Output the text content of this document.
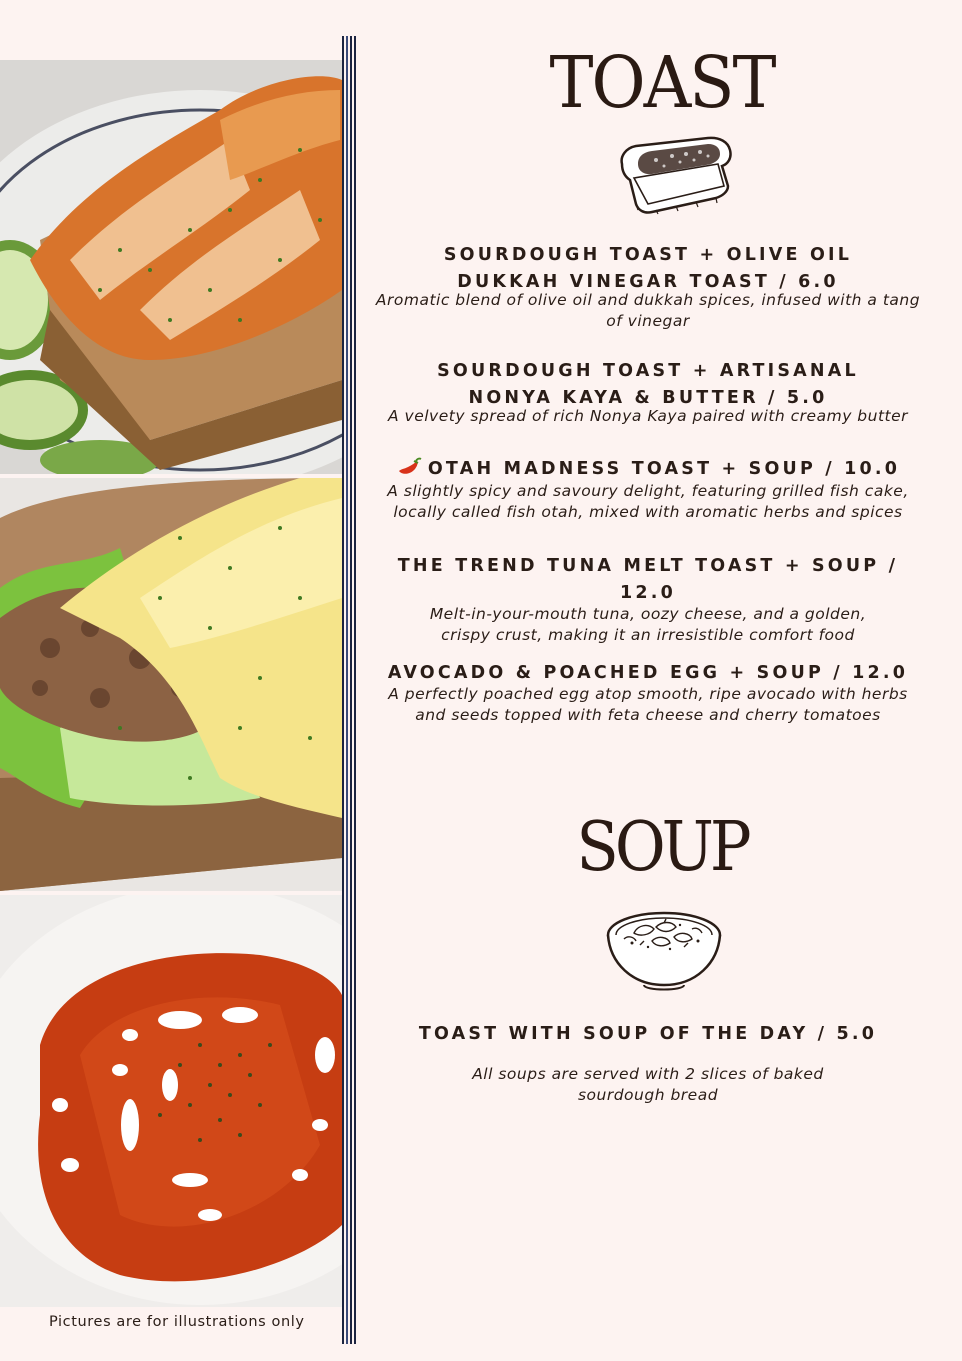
Pictures are for illustrations only
TOAST
SOURDOUGH TOAST + OLIVE OIL
DUKKAH VINEGAR TOAST / 6.0
Aromatic blend of olive oil and dukkah spices, infused with a tang
of vinegar
SOURDOUGH TOAST + ARTISANAL
NONYA KAYA & BUTTER / 5.0
A velvety spread of rich Nonya Kaya paired with creamy butter
OTAH MADNESS TOAST + SOUP / 10.0
A slightly spicy and savoury delight, featuring grilled fish cake,
locally called fish otah, mixed with aromatic herbs and spices
THE TREND TUNA MELT TOAST + SOUP / 12.0
Melt-in-your-mouth tuna, oozy cheese, and a golden,
crispy crust, making it an irresistible comfort food
AVOCADO & POACHED EGG + SOUP / 12.0
A perfectly poached egg atop smooth, ripe avocado with herbs
and seeds topped with feta cheese and cherry tomatoes
SOUP
TOAST WITH SOUP OF THE DAY / 5.0
All soups are served with 2 slices of baked
sourdough bread
